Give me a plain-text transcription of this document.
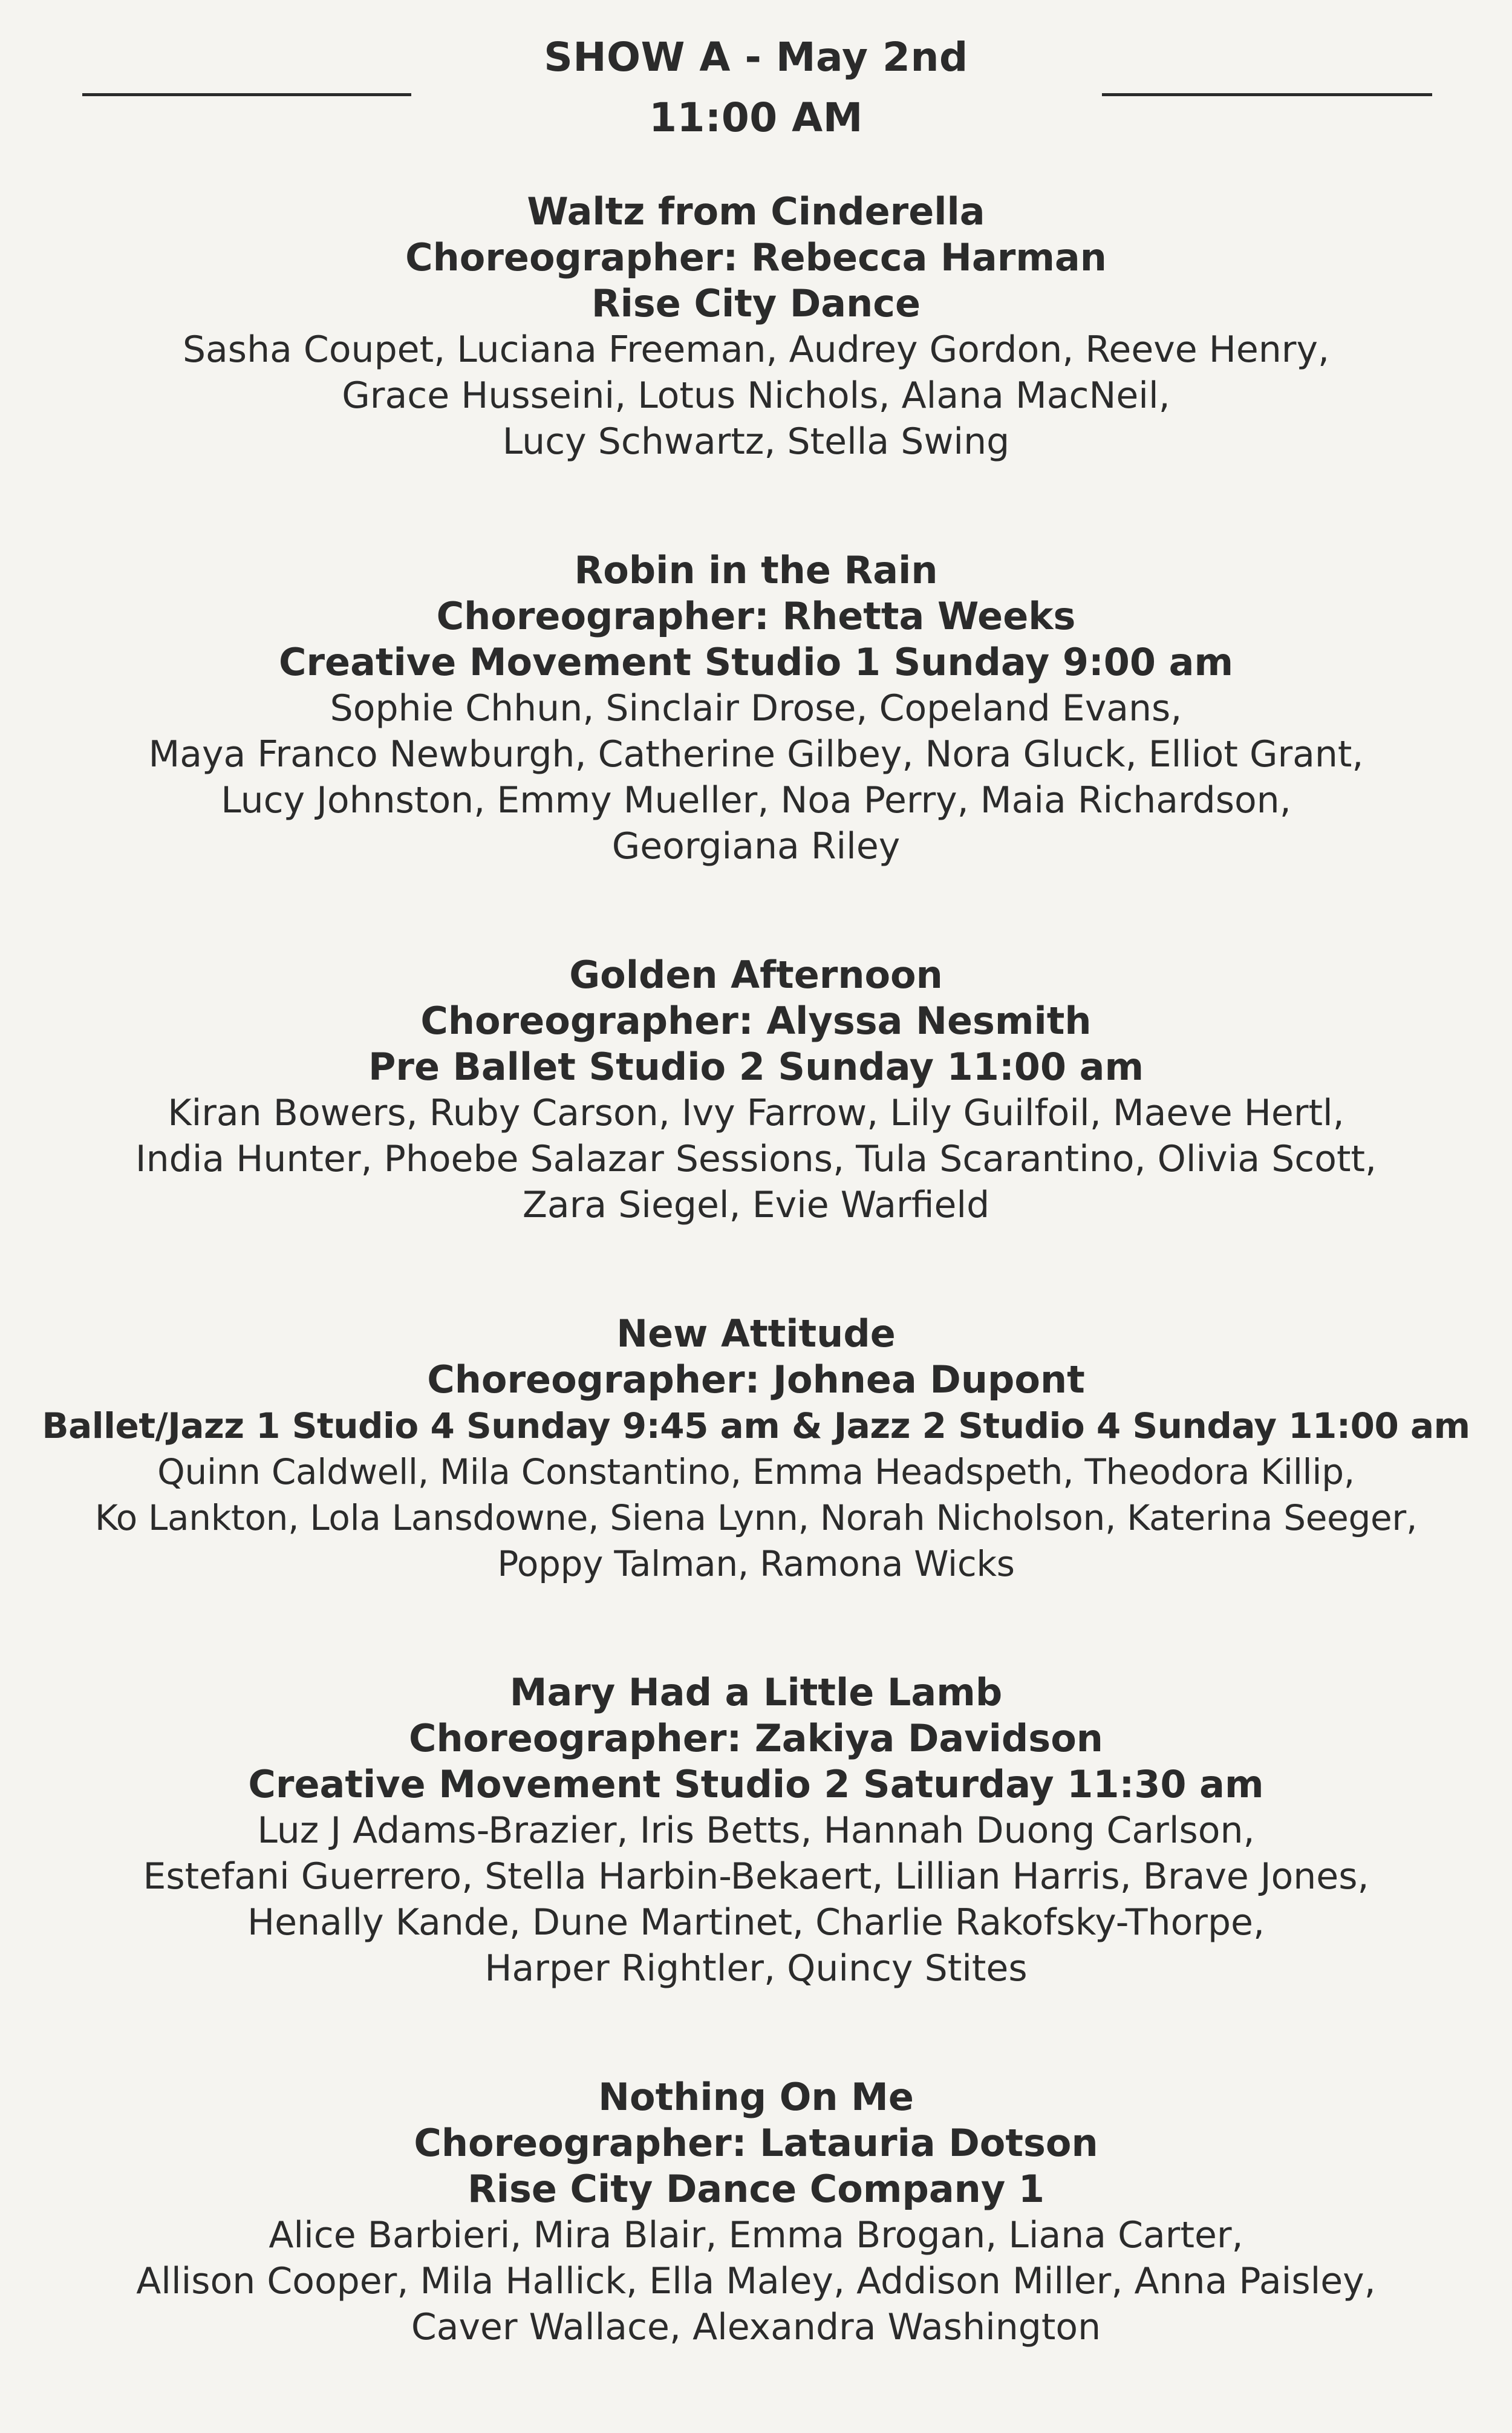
SHOW A - May 2nd
11:00 AM
Waltz from Cinderella
Choreographer: Rebecca Harman
Rise City Dance
Sasha Coupet, Luciana Freeman, Audrey Gordon, Reeve Henry,
Grace Husseini, Lotus Nichols, Alana MacNeil,
Lucy Schwartz, Stella Swing
Robin in the Rain
Choreographer: Rhetta Weeks
Creative Movement Studio 1 Sunday 9:00 am
Sophie Chhun, Sinclair Drose, Copeland Evans,
Maya Franco Newburgh, Catherine Gilbey, Nora Gluck, Elliot Grant,
Lucy Johnston, Emmy Mueller, Noa Perry, Maia Richardson,
Georgiana Riley
Golden Afternoon
Choreographer: Alyssa Nesmith
Pre Ballet Studio 2 Sunday 11:00 am
Kiran Bowers, Ruby Carson, Ivy Farrow, Lily Guilfoil, Maeve Hertl,
India Hunter, Phoebe Salazar Sessions, Tula Scarantino, Olivia Scott,
Zara Siegel, Evie Warfield
New Attitude
Choreographer: Johnea Dupont
Ballet/Jazz 1 Studio 4 Sunday 9:45 am & Jazz 2 Studio 4 Sunday 11:00 am
Quinn Caldwell, Mila Constantino, Emma Headspeth, Theodora Killip,
Ko Lankton, Lola Lansdowne, Siena Lynn, Norah Nicholson, Katerina Seeger,
Poppy Talman, Ramona Wicks
Mary Had a Little Lamb
Choreographer: Zakiya Davidson
Creative Movement Studio 2 Saturday 11:30 am
Luz J Adams-Brazier, Iris Betts, Hannah Duong Carlson,
Estefani Guerrero, Stella Harbin-Bekaert, Lillian Harris, Brave Jones,
Henally Kande, Dune Martinet, Charlie Rakofsky-Thorpe,
Harper Rightler, Quincy Stites
Nothing On Me
Choreographer: Latauria Dotson
Rise City Dance Company 1
Alice Barbieri, Mira Blair, Emma Brogan, Liana Carter,
Allison Cooper, Mila Hallick, Ella Maley, Addison Miller, Anna Paisley,
Caver Wallace, Alexandra Washington
